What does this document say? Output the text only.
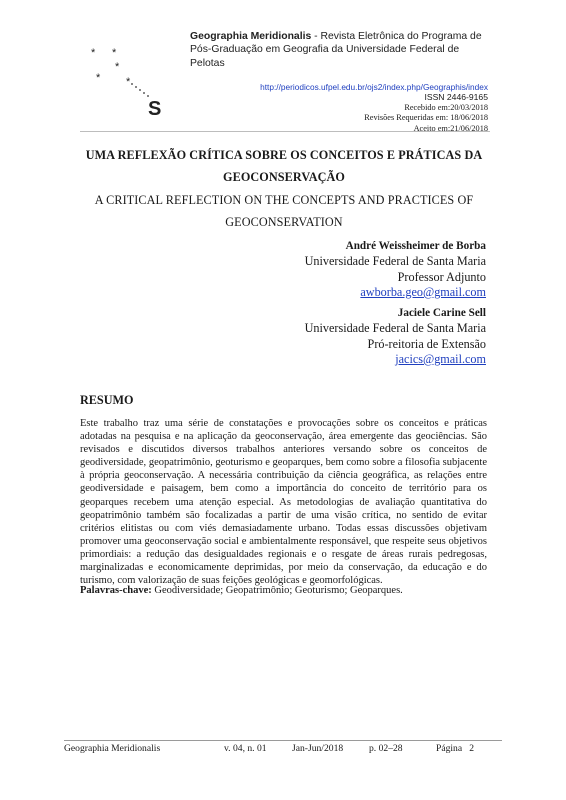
* *
*
* *
S
Geographia Meridionalis - Revista Eletrônica do Programa de Pós-Graduação em Geografia da Universidade Federal de Pelotas
http://periodicos.ufpel.edu.br/ojs2/index.php/Geographis/index
ISSN 2446-9165
Recebido em:20/03/2018
Revisões Requeridas em: 18/06/2018
Aceito em:21/06/2018
UMA REFLEXÃO CRÍTICA SOBRE OS CONCEITOS E PRÁTICAS DA
GEOCONSERVAÇÃO
A CRITICAL REFLECTION ON THE CONCEPTS AND PRACTICES OF
GEOCONSERVATION
André Weissheimer de Borba
Universidade Federal de Santa Maria
Professor Adjunto
awborba.geo@gmail.com
Jaciele Carine Sell
Universidade Federal de Santa Maria
Pró-reitoria de Extensão
jacics@gmail.com
RESUMO
Este trabalho traz uma série de constatações e provocações sobre os conceitos e práticas adotadas na pesquisa e na aplicação da geoconservação, área emergente das geociências. São revisados e discutidos diversos trabalhos anteriores versando sobre os conceitos de geodiversidade, geopatrimônio, geoturismo e geoparques, bem como sobre a filosofia subjacente à própria geoconservação. A necessária contribuição da ciência geográfica, as relações entre geodiversidade e paisagem, bem como a importância do conceito de território para os geoparques recebem uma atenção especial. As metodologias de avaliação quantitativa do geopatrimônio também são focalizadas a partir de uma visão crítica, no sentido de evitar critérios elitistas ou com viés demasiadamente urbano. Todas essas discussões objetivam promover uma geoconservação social e ambientalmente responsável, que respeite seus objetivos primordiais: a redução das desigualdades regionais e o resgate de áreas rurais pedregosas, marginalizadas e economicamente deprimidas, por meio da conservação, da educação e do turismo, com valorização de suas feições geológicas e geomorfológicas.
Palavras-chave: Geodiversidade; Geopatrimônio; Geoturismo; Geoparques.
Geographia Meridionalis	v. 04, n. 01	Jan-Jun/2018	p. 02–28	Página   2
